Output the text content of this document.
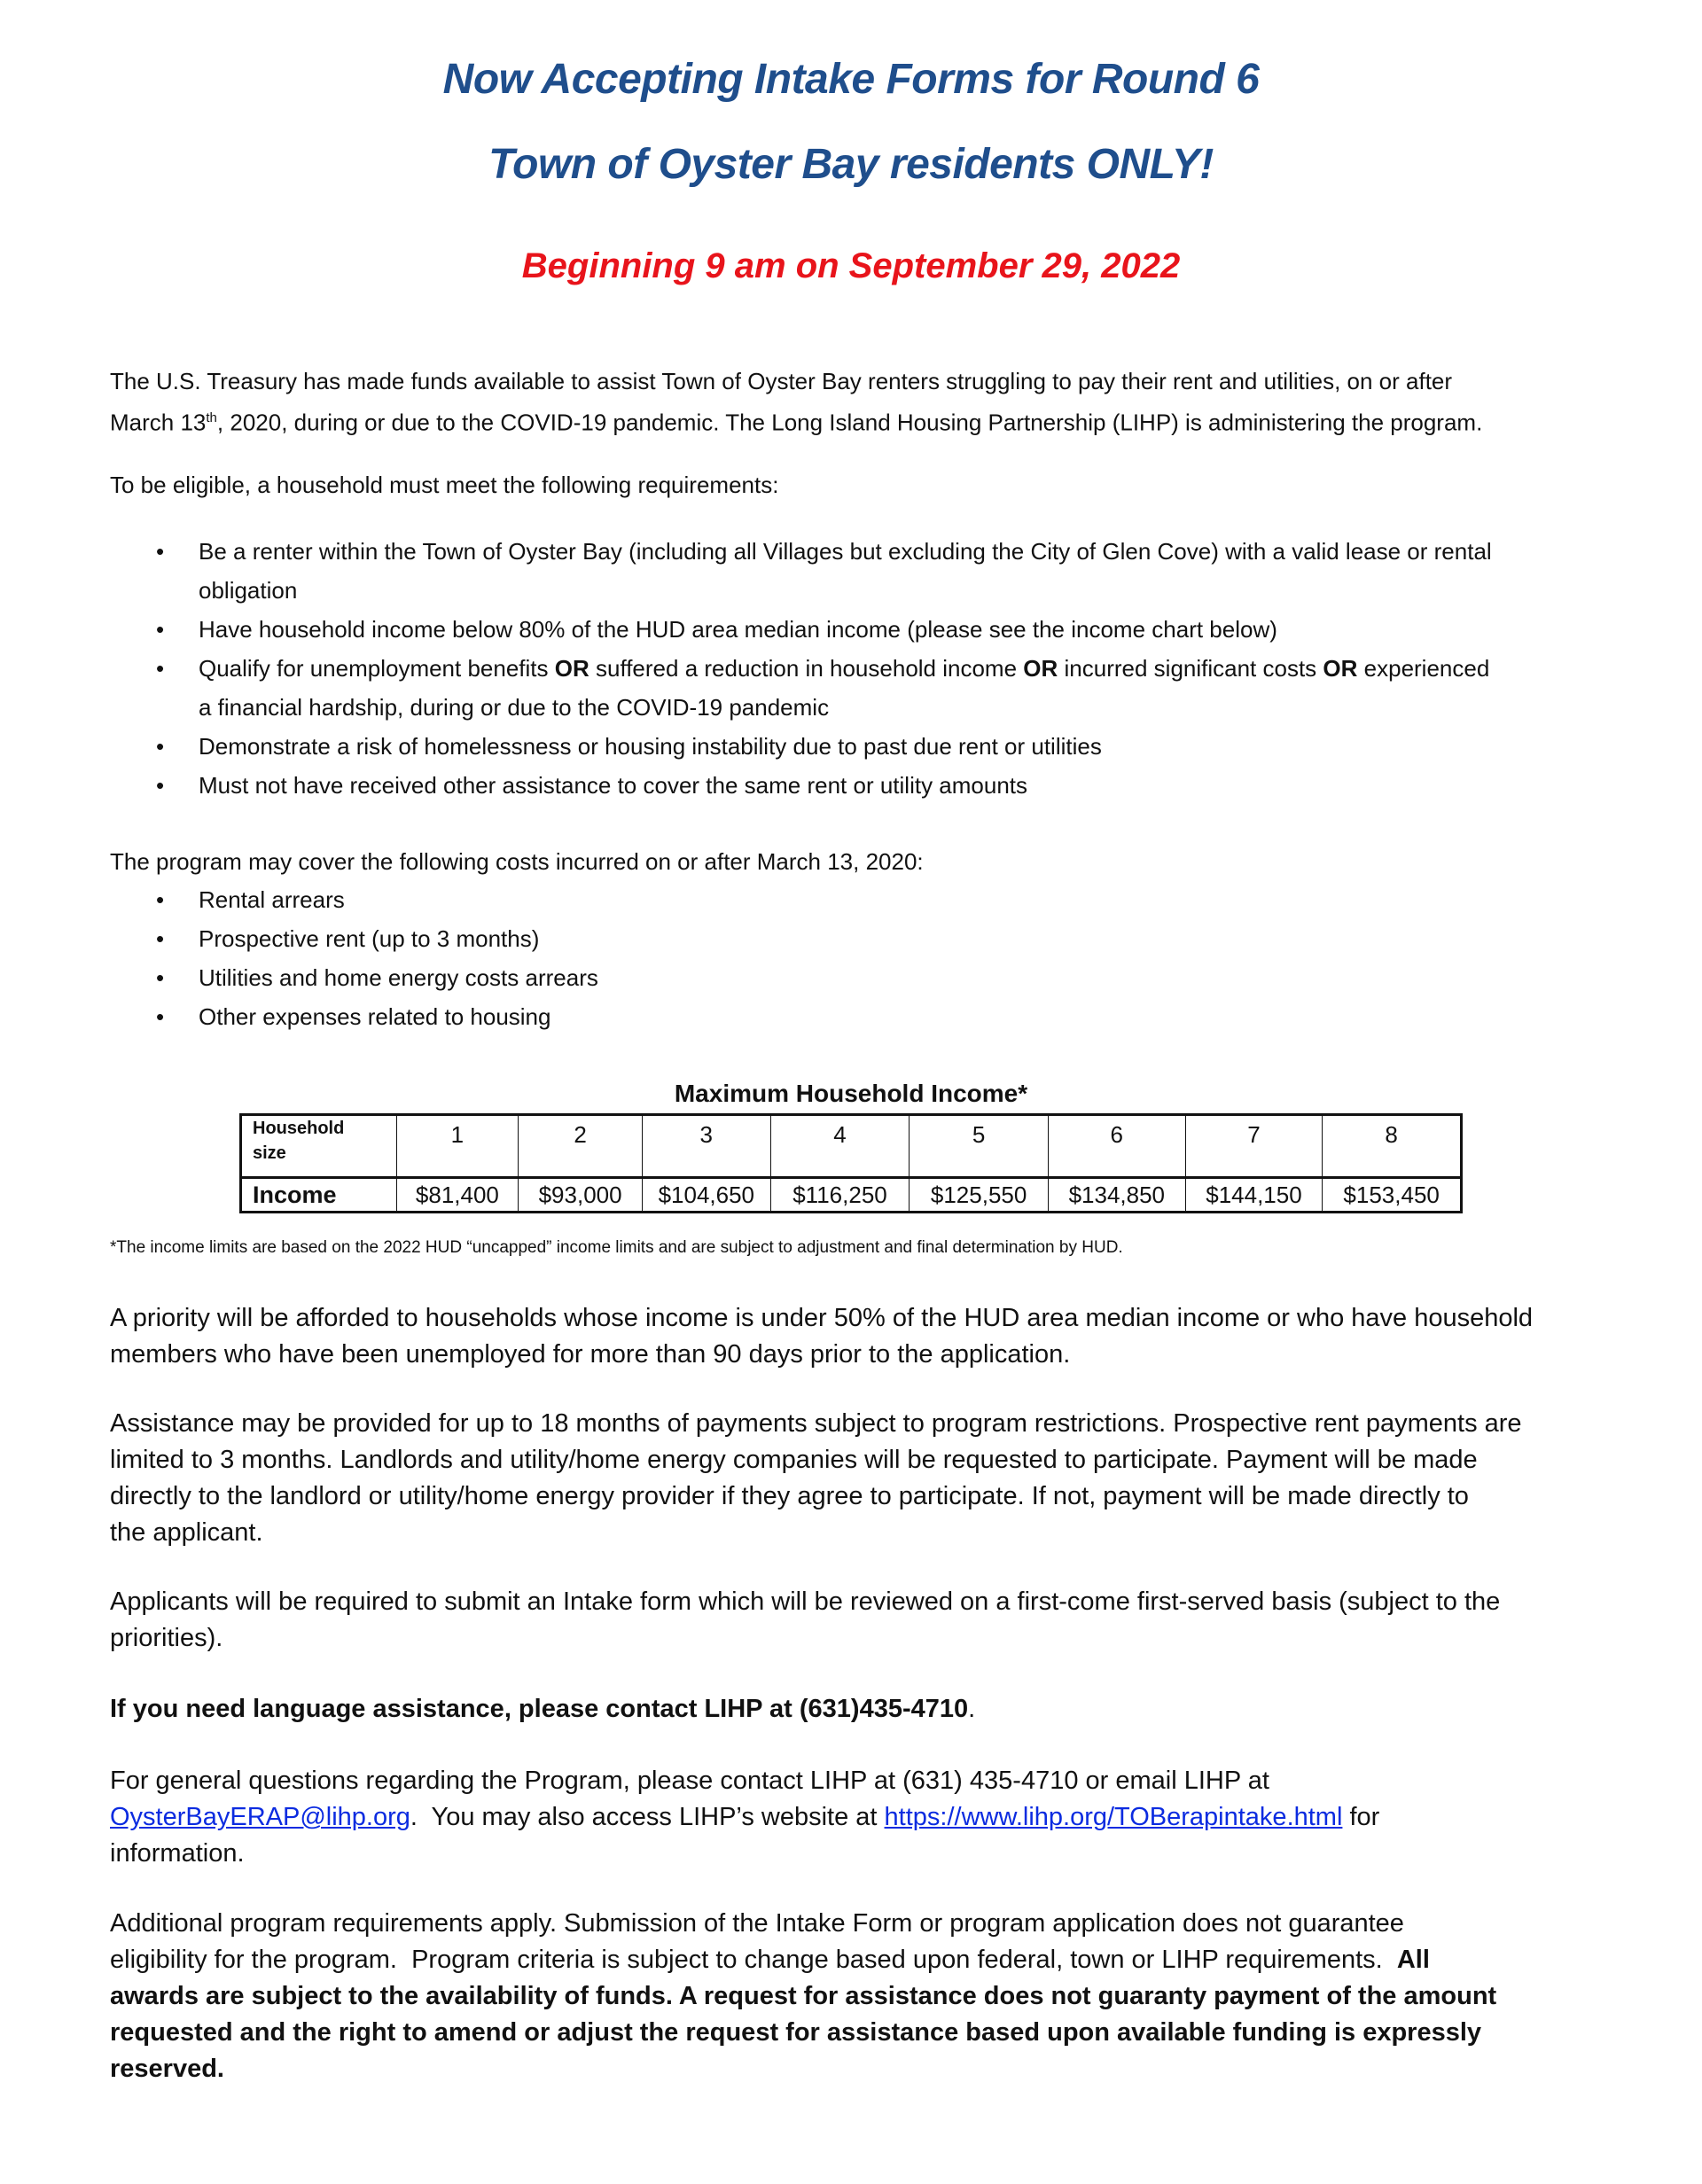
Now Accepting Intake Forms for Round 6
Town of Oyster Bay residents ONLY!
Beginning 9 am on September 29, 2022
The U.S. Treasury has made funds available to assist Town of Oyster Bay renters struggling to pay their rent and utilities, on or after
March 13th, 2020, during or due to the COVID-19 pandemic. The Long Island Housing Partnership (LIHP) is administering the program.
To be eligible, a household must meet the following requirements:
• Be a renter within the Town of Oyster Bay (including all Villages but excluding the City of Glen Cove) with a valid lease or rental
obligation
• Have household income below 80% of the HUD area median income (please see the income chart below)
• Qualify for unemployment benefits OR suffered a reduction in household income OR incurred significant costs OR experienced
a financial hardship, during or due to the COVID-19 pandemic
• Demonstrate a risk of homelessness or housing instability due to past due rent or utilities
• Must not have received other assistance to cover the same rent or utility amounts
The program may cover the following costs incurred on or after March 13, 2020:
• Rental arrears
• Prospective rent (up to 3 months)
• Utilities and home energy costs arrears
• Other expenses related to housing
Maximum Household Income*
Household
size	1	2	3	4	5	6	7	8
Income	$81,400	$93,000	$104,650	$116,250	$125,550	$134,850	$144,150	$153,450
*The income limits are based on the 2022 HUD “uncapped” income limits and are subject to adjustment and final determination by HUD.
A priority will be afforded to households whose income is under 50% of the HUD area median income or who have household
members who have been unemployed for more than 90 days prior to the application.
Assistance may be provided for up to 18 months of payments subject to program restrictions. Prospective rent payments are
limited to 3 months. Landlords and utility/home energy companies will be requested to participate. Payment will be made
directly to the landlord or utility/home energy provider if they agree to participate. If not, payment will be made directly to
the applicant.
Applicants will be required to submit an Intake form which will be reviewed on a first-come first-served basis (subject to the
priorities).
If you need language assistance, please contact LIHP at (631)435-4710.
For general questions regarding the Program, please contact LIHP at (631) 435-4710 or email LIHP at
OysterBayERAP@lihp.org.  You may also access LIHP’s website at https://www.lihp.org/TOBerapintake.html for
information.
Additional program requirements apply. Submission of the Intake Form or program application does not guarantee
eligibility for the program.  Program criteria is subject to change based upon federal, town or LIHP requirements.  All
awards are subject to the availability of funds. A request for assistance does not guaranty payment of the amount
requested and the right to amend or adjust the request for assistance based upon available funding is expressly
reserved.
